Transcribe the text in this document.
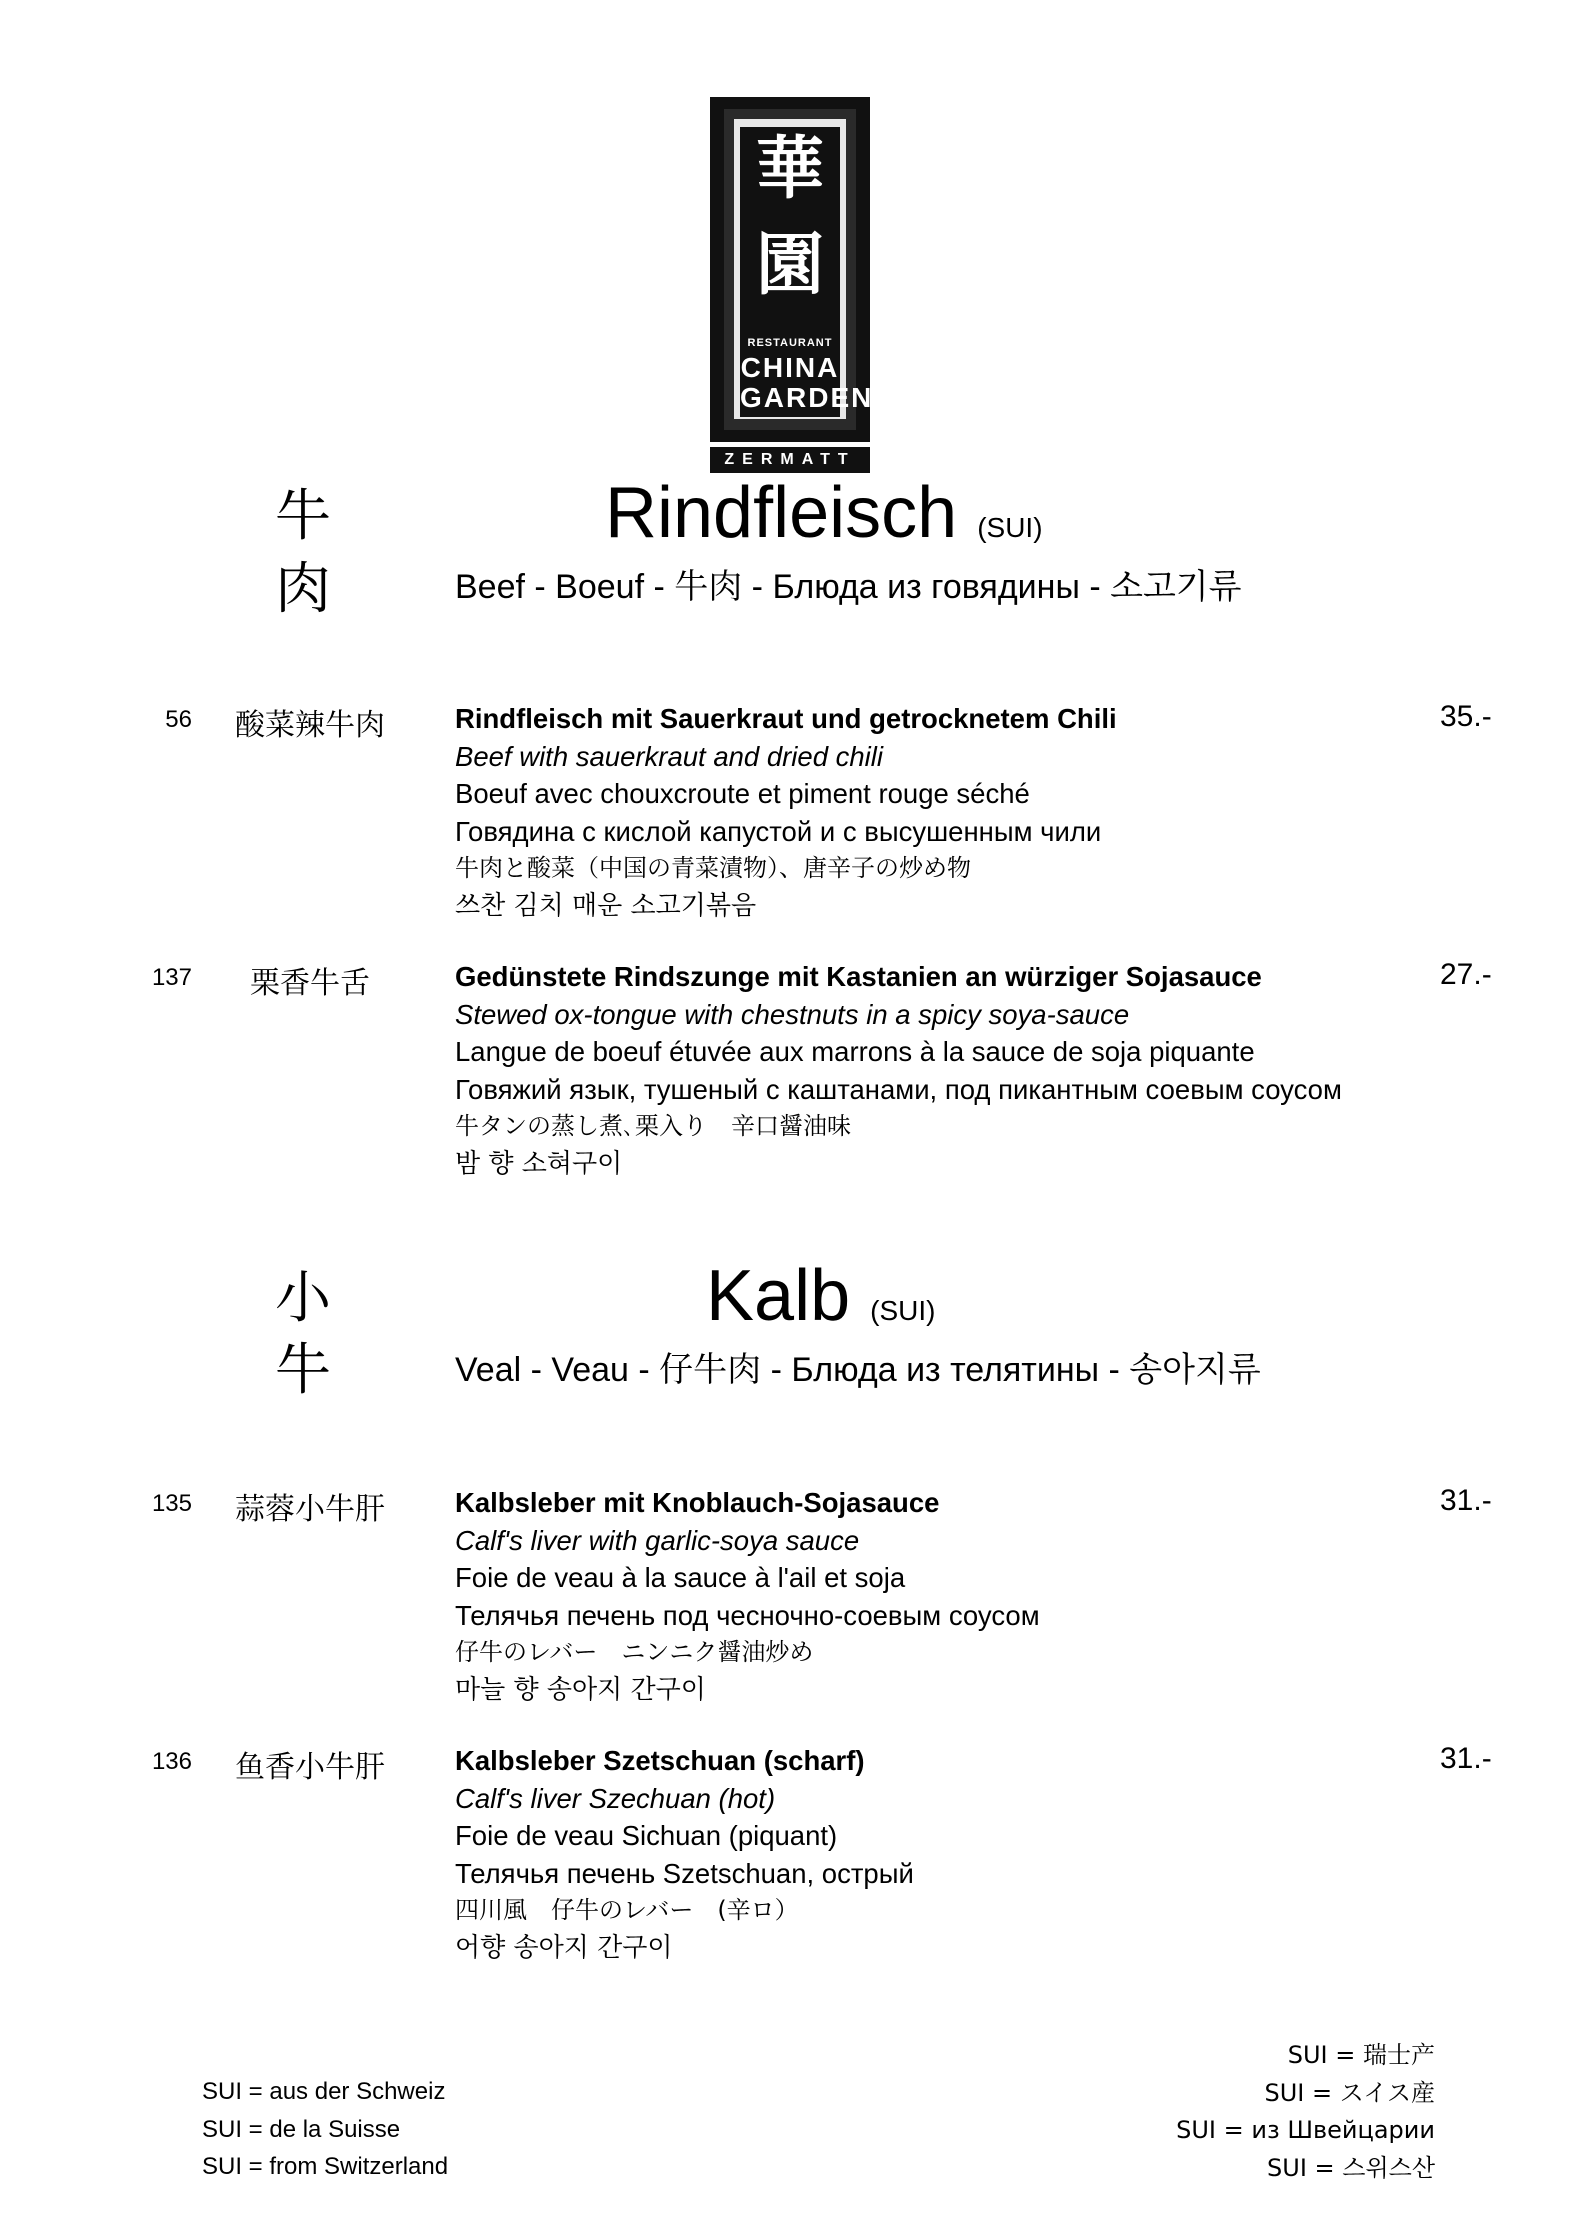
華
園
RESTAURANT
CHINA
GARDEN
ZERMATT
牛
肉
Rindfleisch (SUI)
Beef - Boeuf - 牛肉 - Блюда из говядины - 소고기류
56	酸菜辣牛肉	Rindfleisch mit Sauerkraut und getrocknetem Chili
Beef with sauerkraut and dried chili
Boeuf avec chouxcroute et piment rouge séché
Говядина с кислой капустой и с высушенным чили
牛肉と酸菜（中国の青菜漬物）、唐辛子の炒め物
쓰찬 김치 매운 소고기볶음
35.-
137	栗香牛舌	Gedünstete Rindszunge mit Kastanien an würziger Sojasauce
Stewed ox-tongue with chestnuts in a spicy soya-sauce
Langue de boeuf étuvée aux marrons à la sauce de soja piquante
Говяжий язык, тушеный с каштанами, под пикантным соевым соусом
牛タンの蒸し煮､栗入り　辛口醤油味
밤 향 소혀구이
27.-
小
牛
Kalb (SUI)
Veal - Veau - 仔牛肉 - Блюда из телятины - 송아지류
135	蒜蓉小牛肝	Kalbsleber mit Knoblauch-Sojasauce
Calf's liver with garlic-soya sauce
Foie de veau à la sauce à l'ail et soja
Телячья печень под чесночно-соевым соусом
仔牛のレバー　ニンニク醤油炒め
마늘 향 송아지 간구이
31.-
136	鱼香小牛肝	Kalbsleber Szetschuan (scharf)
Calf's liver Szechuan (hot)
Foie de veau Sichuan (piquant)
Телячья печень Szetschuan, острый
四川風　仔牛のレバー　(辛ロ）
어향 송아지 간구이
31.-
SUI = aus der Schweiz
SUI = de la Suisse
SUI = from Switzerland
SUI = 瑞士产
SUI = スイス産
SUI = из Швейцарии
SUI = 스위스산
